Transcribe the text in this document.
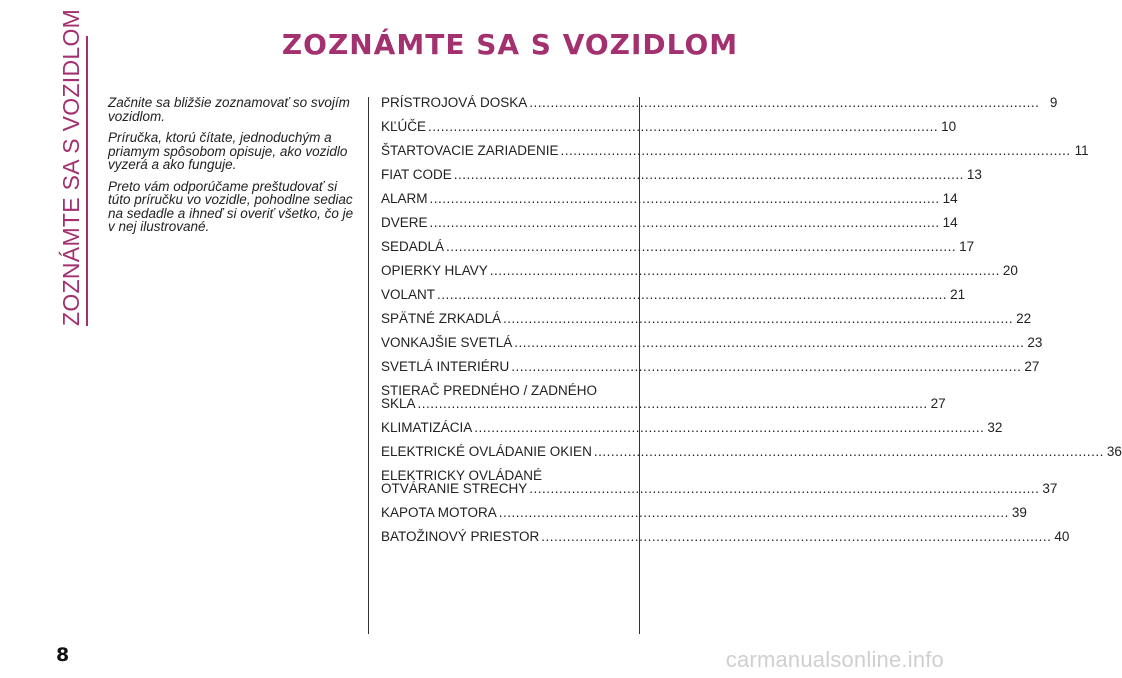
ZOZNÁMTE SA S VOZIDLOM	ZOZNÁMTE SA S VOZIDLOM

Začnite sa bližšie zoznamovať so svojím vozidlom.

Príručka, ktorú čítate, jednoduchým a priamym spôsobom opisuje, ako vozidlo vyzerá a ako funguje.

Preto vám odporúčame preštudovať si túto príručku vo vozidle, pohodlne sediac na sedadle a ihneď si overiť všetko, čo je v nej ilustrované.

PRÍSTROJOVÁ DOSKA ........................................................................................................................ 9
KĽÚČE ........................................................................................................................ 10
ŠTARTOVACIE ZARIADENIE ........................................................................................................................ 11
FIAT CODE ........................................................................................................................ 13
ALARM ........................................................................................................................ 14
DVERE ........................................................................................................................ 14
SEDADLÁ ........................................................................................................................ 17
OPIERKY HLAVY ........................................................................................................................ 20
VOLANT ........................................................................................................................ 21
SPÄTNÉ ZRKADLÁ ........................................................................................................................ 22
VONKAJŠIE SVETLÁ ........................................................................................................................ 23
SVETLÁ INTERIÉRU ........................................................................................................................ 27
STIERAČ PREDNÉHO / ZADNÉHO
SKLA ........................................................................................................................ 27
KLIMATIZÁCIA ........................................................................................................................ 32
ELEKTRICKÉ OVLÁDANIE OKIEN ........................................................................................................................ 36
ELEKTRICKY OVLÁDANÉ
OTVÁRANIE STRECHY ........................................................................................................................ 37
KAPOTA MOTORA ........................................................................................................................ 39
BATOŽINOVÝ PRIESTOR ........................................................................................................................ 40
8	carmanualsonline.info
